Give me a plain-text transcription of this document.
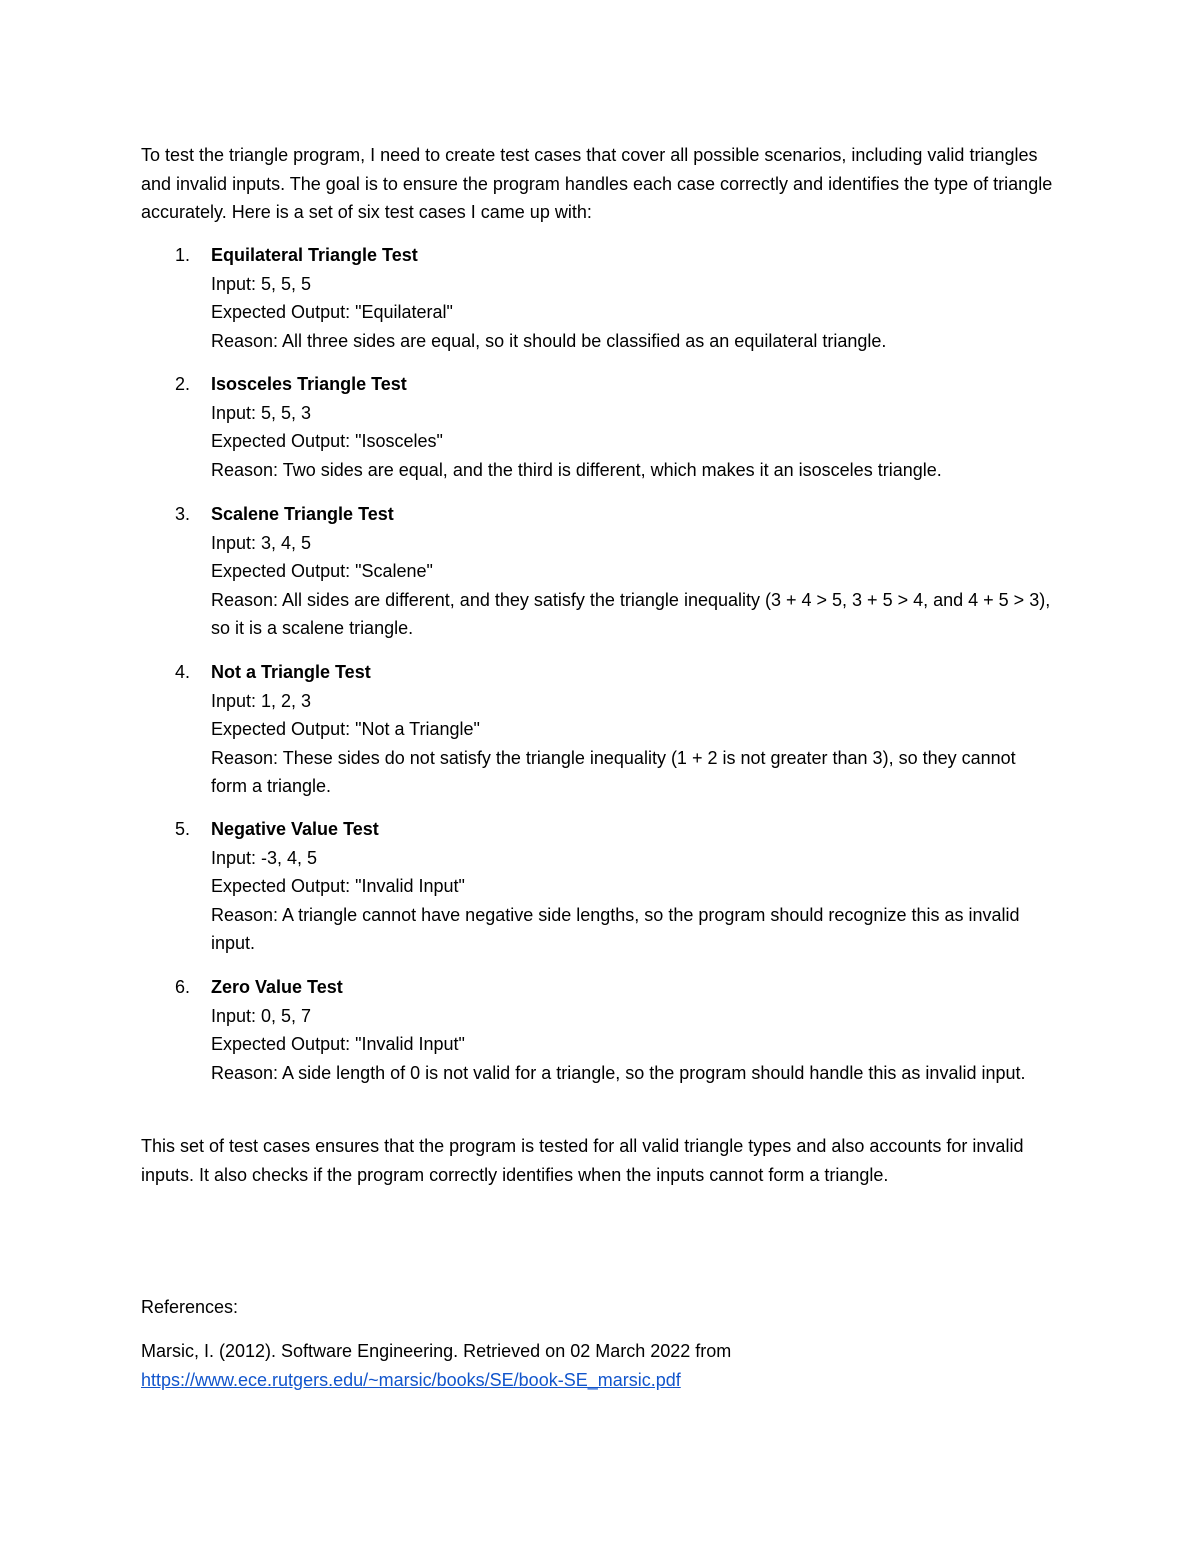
To test the triangle program, I need to create test cases that cover all possible scenarios, including valid triangles and invalid inputs. The goal is to ensure the program handles each case correctly and identifies the type of triangle accurately. Here is a set of six test cases I came up with:

1.	Equilateral Triangle Test
Input: 5, 5, 5
Expected Output: "Equilateral"
Reason: All three sides are equal, so it should be classified as an equilateral triangle.
2.	Isosceles Triangle Test
Input: 5, 5, 3
Expected Output: "Isosceles"
Reason: Two sides are equal, and the third is different, which makes it an isosceles triangle.
3.	Scalene Triangle Test
Input: 3, 4, 5
Expected Output: "Scalene"
Reason: All sides are different, and they satisfy the triangle inequality (3 + 4 > 5, 3 + 5 > 4, and 4 + 5 > 3), so it is a scalene triangle.
4.	Not a Triangle Test
Input: 1, 2, 3
Expected Output: "Not a Triangle"
Reason: These sides do not satisfy the triangle inequality (1 + 2 is not greater than 3), so they cannot form a triangle.
5.	Negative Value Test
Input: -3, 4, 5
Expected Output: "Invalid Input"
Reason: A triangle cannot have negative side lengths, so the program should recognize this as invalid input.
6.	Zero Value Test
Input: 0, 5, 7
Expected Output: "Invalid Input"
Reason: A side length of 0 is not valid for a triangle, so the program should handle this as invalid input.

This set of test cases ensures that the program is tested for all valid triangle types and also accounts for invalid inputs. It also checks if the program correctly identifies when the inputs cannot form a triangle.

References:

Marsic, I. (2012). Software Engineering. Retrieved on 02 March 2022 from
https://www.ece.rutgers.edu/~marsic/books/SE/book-SE_marsic.pdf
